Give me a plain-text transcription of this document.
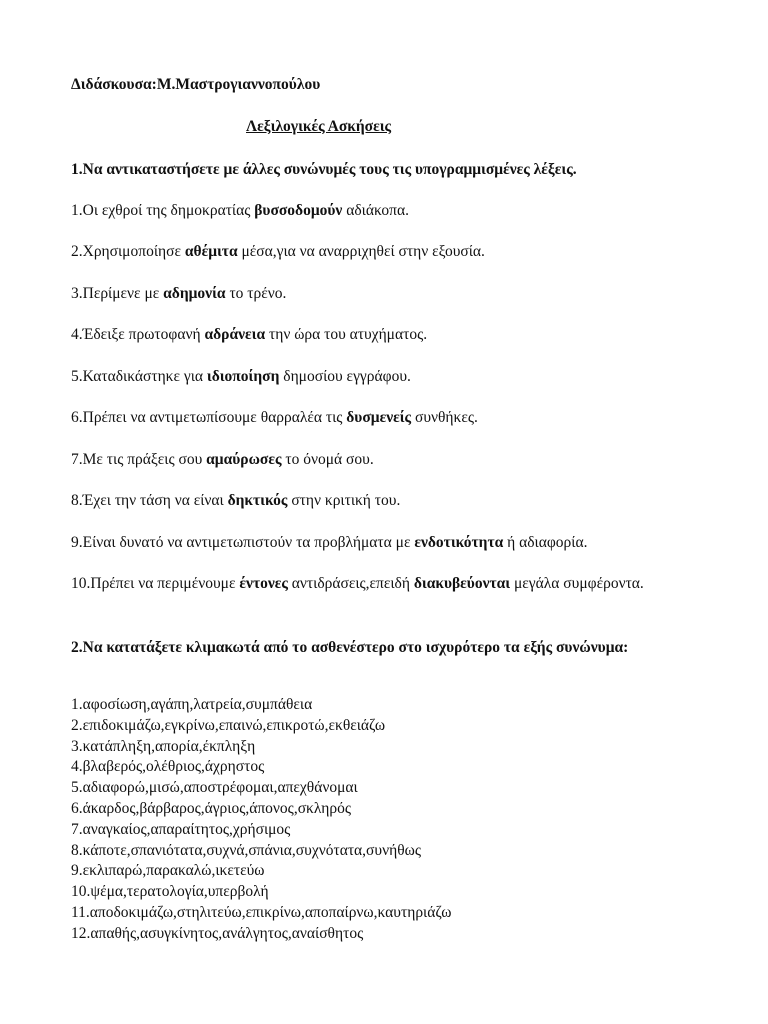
Διδάσκουσα:Μ.Μαστρογιαννοπούλου
Λεξιλογικές Ασκήσεις
1.Να αντικαταστήσετε με άλλες συνώνυμές τους τις υπογραμμισμένες λέξεις.
1.Οι εχθροί της δημοκρατίας βυσσοδομούν αδιάκοπα.
2.Χρησιμοποίησε αθέμιτα μέσα,για να αναρριχηθεί στην εξουσία.
3.Περίμενε με αδημονία το τρένο.
4.Έδειξε πρωτοφανή αδράνεια την ώρα του ατυχήματος.
5.Καταδικάστηκε για ιδιοποίηση δημοσίου εγγράφου.
6.Πρέπει να αντιμετωπίσουμε θαρραλέα τις δυσμενείς συνθήκες.
7.Με τις πράξεις σου αμαύρωσες το όνομά σου.
8.Έχει την τάση να είναι δηκτικός στην κριτική του.
9.Είναι δυνατό να αντιμετωπιστούν τα προβλήματα με ενδοτικότητα ή αδιαφορία.
10.Πρέπει να περιμένουμε έντονες αντιδράσεις,επειδή διακυβεύονται μεγάλα συμφέροντα.
2.Να κατατάξετε κλιμακωτά από το ασθενέστερο στο ισχυρότερο τα εξής συνώνυμα:
1.αφοσίωση,αγάπη,λατρεία,συμπάθεια
2.επιδοκιμάζω,εγκρίνω,επαινώ,επικροτώ,εκθειάζω
3.κατάπληξη,απορία,έκπληξη
4.βλαβερός,ολέθριος,άχρηστος
5.αδιαφορώ,μισώ,αποστρέφομαι,απεχθάνομαι
6.άκαρδος,βάρβαρος,άγριος,άπονος,σκληρός
7.αναγκαίος,απαραίτητος,χρήσιμος
8.κάποτε,σπανιότατα,συχνά,σπάνια,συχνότατα,συνήθως
9.εκλιπαρώ,παρακαλώ,ικετεύω
10.ψέμα,τερατολογία,υπερβολή
11.αποδοκιμάζω,στηλιτεύω,επικρίνω,αποπαίρνω,καυτηριάζω
12.απαθής,ασυγκίνητος,ανάλγητος,αναίσθητος
